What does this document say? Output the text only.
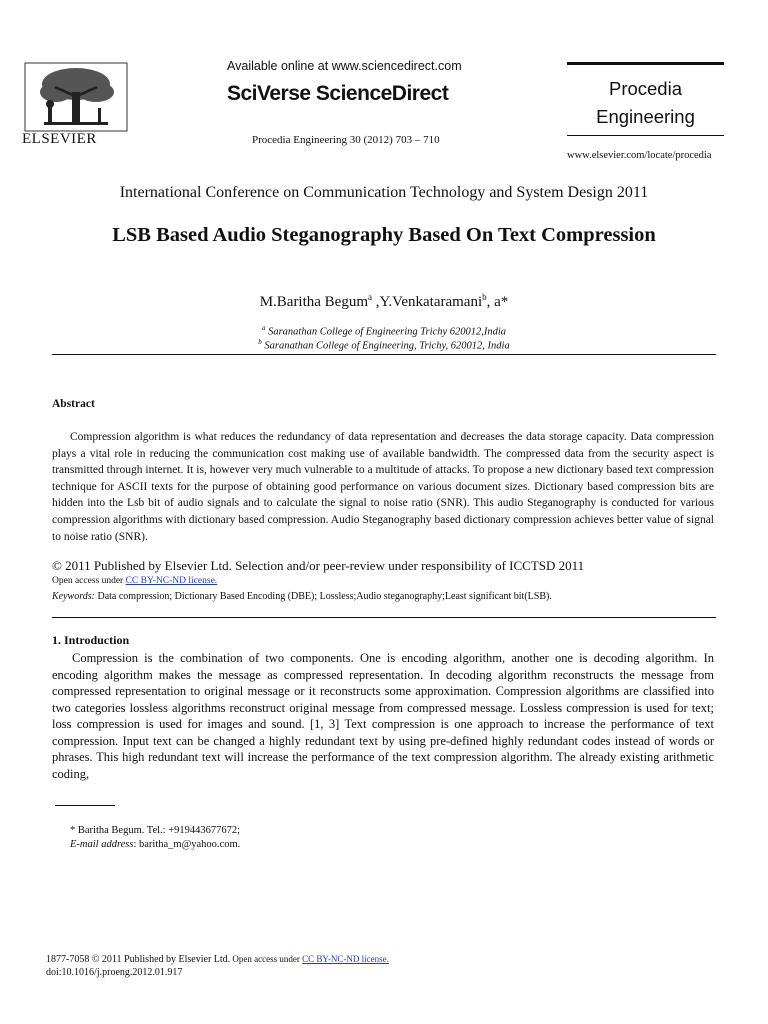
ELSEVIER
Available online at www.sciencedirect.com
SciVerse ScienceDirect
Procedia Engineering 30 (2012) 703 – 710
Procedia
Engineering
www.elsevier.com/locate/procedia
International Conference on Communication Technology and System Design 2011
LSB Based Audio Steganography Based On Text Compression
M.Baritha Begum$^a$ ,Y.Venkataramani$^b$, a*
$^a$ Saranathan College of Engineering Trichy 620012,India
$^b$ Saranathan College of Engineering, Trichy, 620012, India
Abstract

Compression algorithm is what reduces the redundancy of data representation and decreases the data storage capacity. Data compression plays a vital role in reducing the communication cost making use of available bandwidth. The compressed data from the security aspect is transmitted through internet. It is, however very much vulnerable to a multitude of attacks. To propose a new dictionary based text compression technique for ASCII texts for the purpose of obtaining good performance on various document sizes. Dictionary based compression bits are hidden into the Lsb bit of audio signals and to calculate the signal to noise ratio (SNR). This audio Steganography is conducted for various compression algorithms with dictionary based compression. Audio Steganography based dictionary compression achieves better value of signal to noise ratio (SNR).

© 2011 Published by Elsevier Ltd. Selection and/or peer-review under responsibility of ICCTSD 2011
Open access under CC BY-NC-ND license.
Keywords: Data compression; Dictionary Based Encoding (DBE); Lossless;Audio steganography;Least significant bit(LSB).
1. Introduction

Compression is the combination of two components. One is encoding algorithm, another one is decoding algorithm. In encoding algorithm makes the message as compressed representation. In decoding algorithm reconstructs the message from compressed representation to original message or it reconstructs some approximation. Compression algorithms are classified into two categories lossless algorithms reconstruct original message from compressed message. Lossless compression is used for text; loss compression is used for images and sound. [1, 3] Text compression is one approach to increase the performance of text compression. Input text can be changed a highly redundant text by using pre-defined highly redundant codes instead of words or phrases. This high redundant text will increase the performance of the text compression algorithm. The already existing arithmetic coding,

* Baritha Begum. Tel.: +919443677672;
E-mail address: baritha_m@yahoo.com.
1877-7058 © 2011 Published by Elsevier Ltd. Open access under CC BY-NC-ND license.
doi:10.1016/j.proeng.2012.01.917
